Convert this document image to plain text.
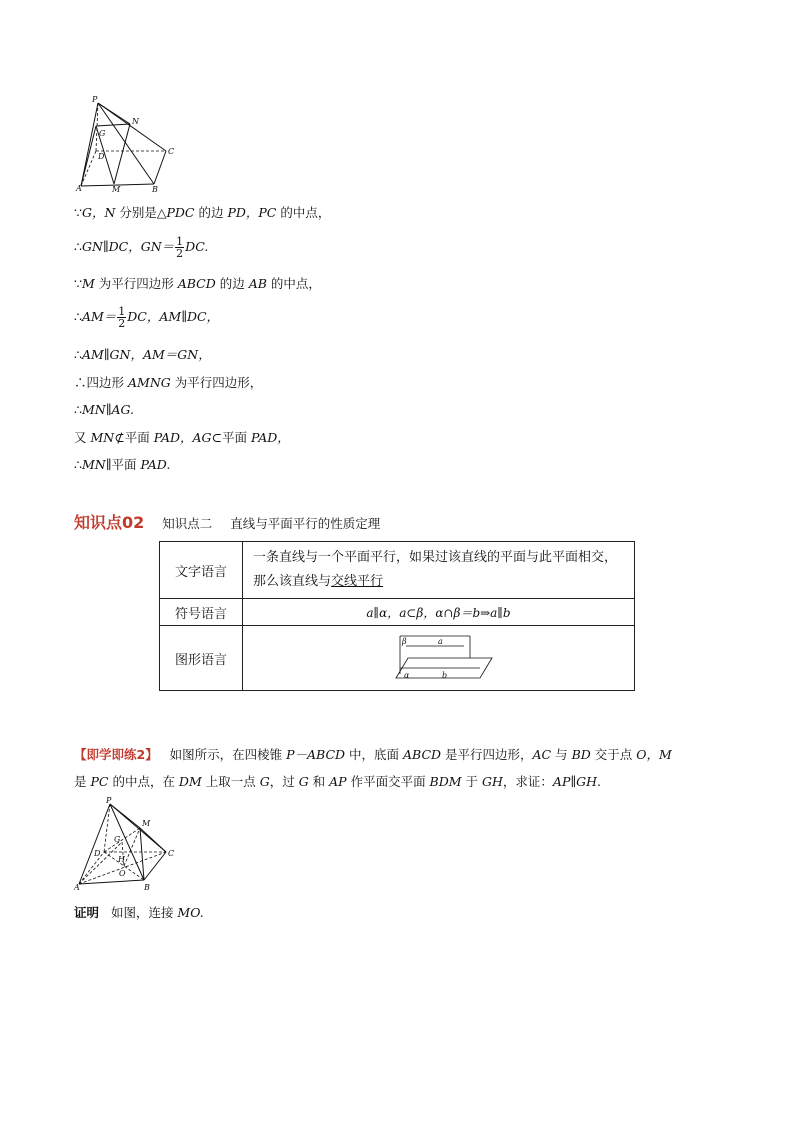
P
N
G
D
C
A	M	B
∵G，N 分别是△PDC 的边 PD，PC 的中点，
∴GN∥DC，$GN= \frac{1}{2}$ DC.
∵M 为平行四边形 ABCD 的边 AB 的中点，
∴AM＝ $\frac{1}{2}$ DC，AM∥DC，
∴AM∥GN，AM＝GN，
∴四边形 AMNG 为平行四边形，
∴MN∥AG.
又 MN⊄平面 PAD，AG⊂平面 PAD，
∴MN∥平面 PAD.
知识点02 知识点二 直线与平面平行的性质定理
文字语言	一条直线与一个平面平行，如果过该直线的平面与此平面相交，
那么该直线与交线平行

符号语言	a∥α，a⊂β，α∩β＝b⇒a∥b
图形语言	β a
α b
【即学即练2】 如图所示，在四棱锥 P－ABCD 中，底面 ABCD 是平行四边形，AC 与 BD 交于点 O，M
是 PC 的中点，在 DM 上取一点 G，过 G 和 AP 作平面交平面 BDM 于 GH，求证：AP∥GH.
P
M
G
D
H
C
O
A	B
证明 如图，连接 MO.
